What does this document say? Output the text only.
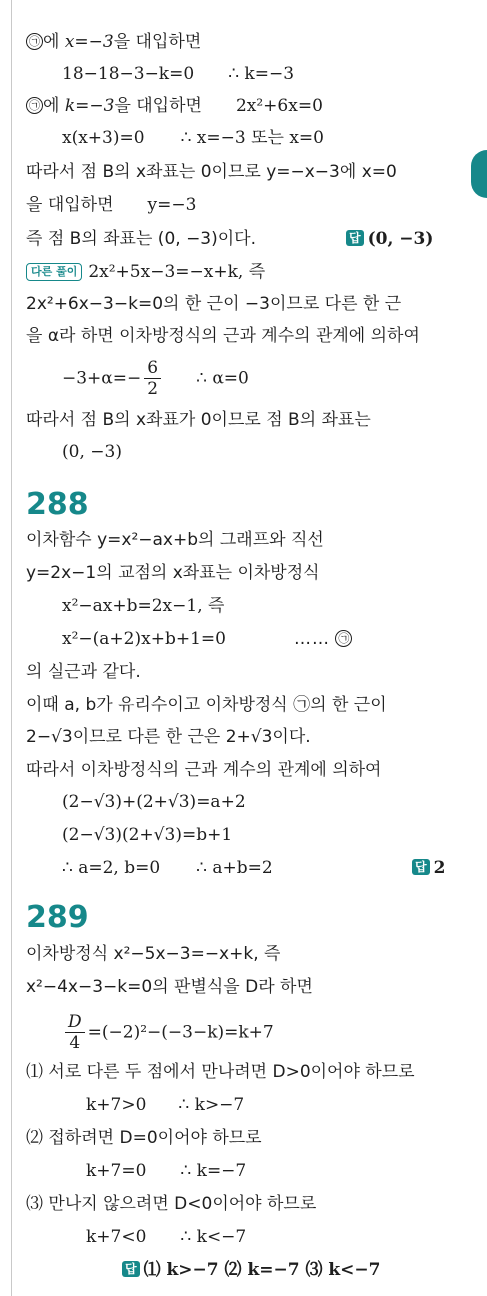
㉠ 에 x=−3을 대입하면
18−18−3−k=0 ∴ k=−3
㉠ 에 k=−3을 대입하면 2x²+6x=0
x(x+3)=0 ∴ x=−3 또는 x=0
따라서 점 B의 x좌표는 0이므로 y=−x−3에 x=0
을 대입하면 y=−3
즉 점 B의 좌표는 (0, −3)이다.	답 (0, −3)
다른 풀이 2x²+5x−3=−x+k, 즉
2x²+6x−3−k=0의 한 근이 −3이므로 다른 한 근
을 α라 하면 이차방정식의 근과 계수의 관계에 의하여
$-3+\alpha=- \frac{6}{2}$ ∴ α=0
따라서 점 B의 x좌표가 0이므로 점 B의 좌표는
(0, −3)
288
이차함수 y=x²−ax+b의 그래프와 직선
y=2x−1의 교점의 x좌표는 이차방정식
x²−ax+b=2x−1, 즉
x²−(a+2)x+b+1=0	…… ㉠
의 실근과 같다.
이때 a, b가 유리수이고 이차방정식 ㉠의 한 근이
2−√3이므로 다른 한 근은 2+√3이다.
따라서 이차방정식의 근과 계수의 관계에 의하여
(2−√3)+(2+√3)=a+2
(2−√3)(2+√3)=b+1
∴ a=2, b=0 ∴ a+b=2	답 2
289
이차방정식 x²−5x−3=−x+k, 즉
x²−4x−3−k=0의 판별식을 D라 하면
$\frac{D}{4} =(-2)^2-(-3-k)=k+7$
⑴ 서로 다른 두 점에서 만나려면 D>0이어야 하므로
k+7>0 ∴ k>−7
⑵ 접하려면 D=0이어야 하므로
k+7=0 ∴ k=−7
⑶ 만나지 않으려면 D<0이어야 하므로
k+7<0 ∴ k<−7
답 ⑴ k>−7 ⑵ k=−7 ⑶ k<−7
